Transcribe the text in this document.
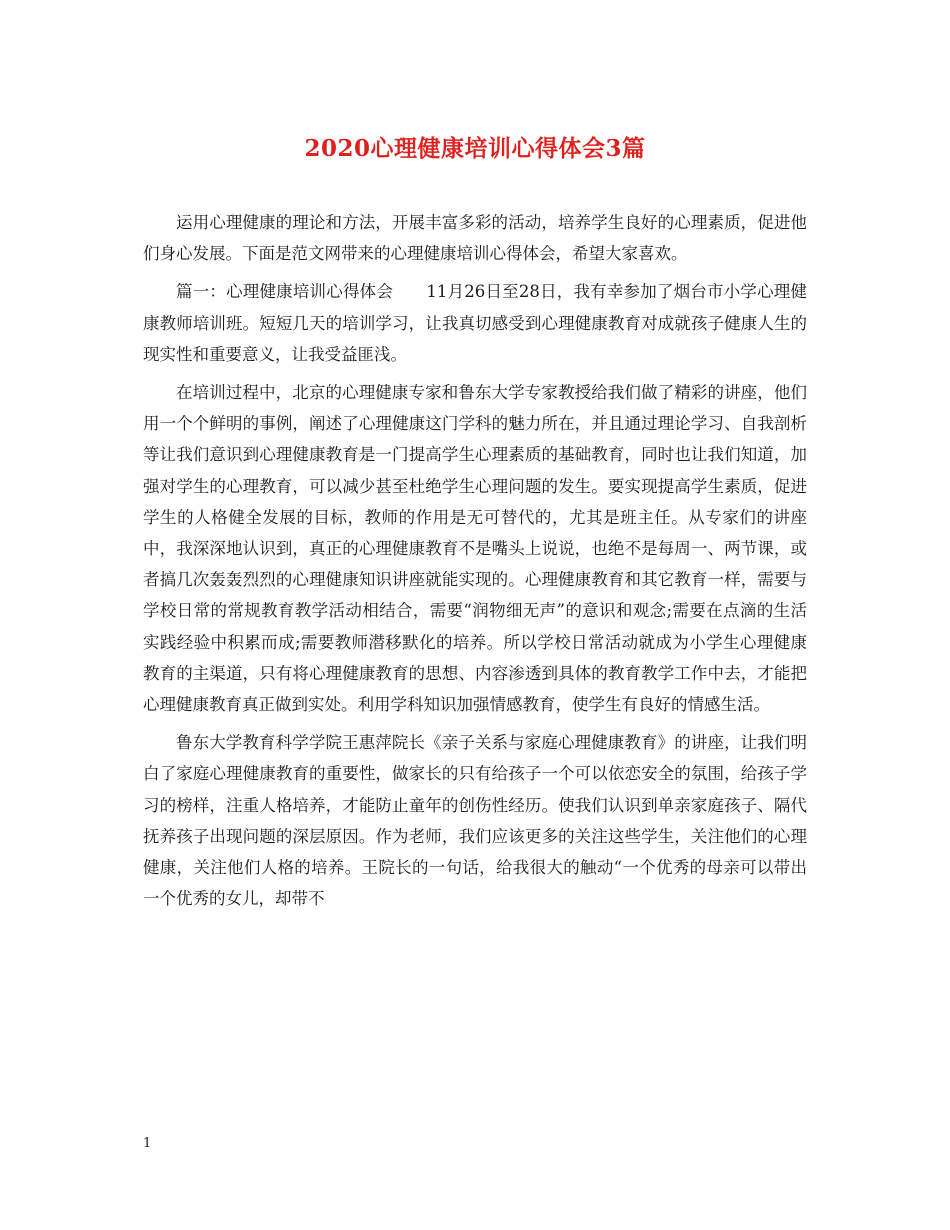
2020心理健康培训心得体会3篇

运用心理健康的理论和方法，开展丰富多彩的活动，培养学生良好的心理素质，促进他们身心发展。下面是范文网带来的心理健康培训心得体会，希望大家喜欢。

篇一：心理健康培训心得体会　　11月26日至28日，我有幸参加了烟台市小学心理健康教师培训班。短短几天的培训学习，让我真切感受到心理健康教育对成就孩子健康人生的现实性和重要意义，让我受益匪浅。

在培训过程中，北京的心理健康专家和鲁东大学专家教授给我们做了精彩的讲座，他们用一个个鲜明的事例，阐述了心理健康这门学科的魅力所在，并且通过理论学习、自我剖析等让我们意识到心理健康教育是一门提高学生心理素质的基础教育，同时也让我们知道，加强对学生的心理教育，可以减少甚至杜绝学生心理问题的发生。要实现提高学生素质，促进学生的人格健全发展的目标，教师的作用是无可替代的，尤其是班主任。从专家们的讲座中，我深深地认识到，真正的心理健康教育不是嘴头上说说，也绝不是每周一、两节课，或者搞几次轰轰烈烈的心理健康知识讲座就能实现的。心理健康教育和其它教育一样，需要与学校日常的常规教育教学活动相结合，需要“润物细无声”的意识和观念;需要在点滴的生活实践经验中积累而成;需要教师潜移默化的培养。所以学校日常活动就成为小学生心理健康教育的主渠道，只有将心理健康教育的思想、内容渗透到具体的教育教学工作中去，才能把心理健康教育真正做到实处。利用学科知识加强情感教育，使学生有良好的情感生活。

鲁东大学教育科学学院王惠萍院长《亲子关系与家庭心理健康教育》的讲座，让我们明白了家庭心理健康教育的重要性，做家长的只有给孩子一个可以依恋安全的氛围，给孩子学习的榜样，注重人格培养，才能防止童年的创伤性经历。使我们认识到单亲家庭孩子、隔代抚养孩子出现问题的深层原因。作为老师，我们应该更多的关注这些学生，关注他们的心理健康，关注他们人格的培养。王院长的一句话，给我很大的触动“一个优秀的母亲可以带出一个优秀的女儿，却带不

1
